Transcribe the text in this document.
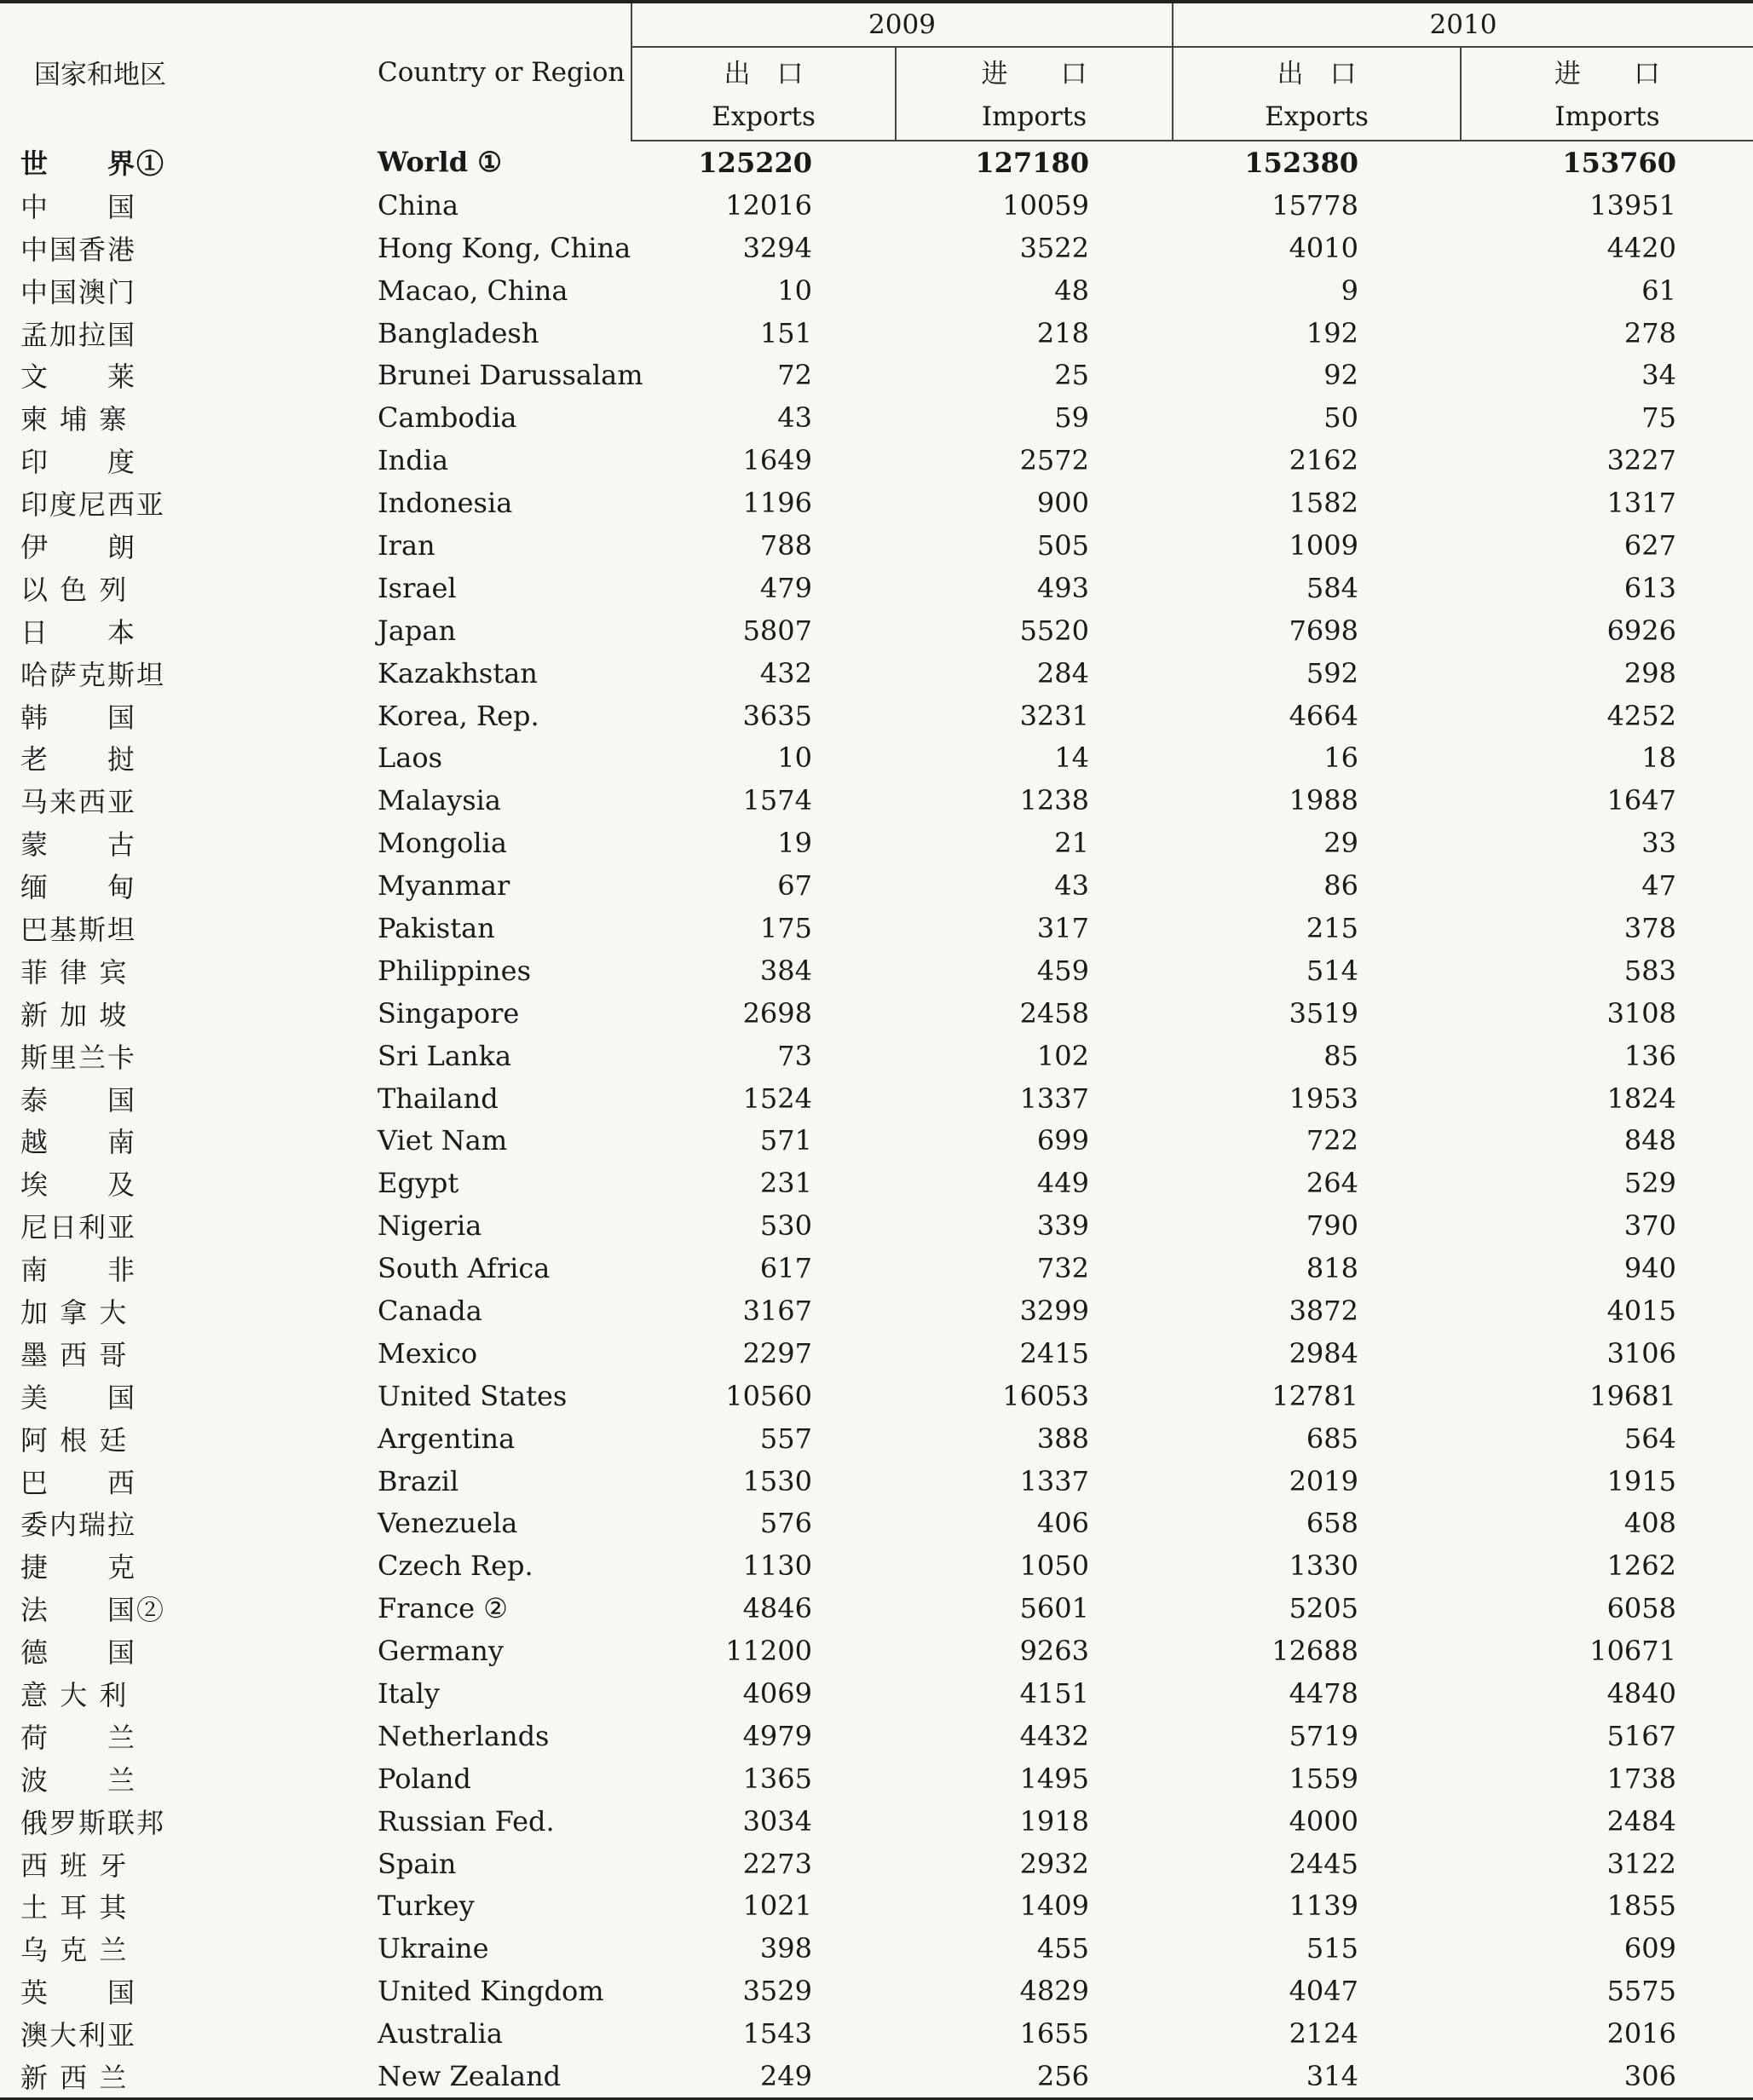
国家和地区	Country or Region	2009		2010	
		出　口	进　　口	出　口	进　　口
		Exports	Imports	Exports	Imports
世　　界①	World ①	125220	127180	152380	153760
中　　国	China	12016	10059	15778	13951
中国香港	Hong Kong, China	3294	3522	4010	4420
中国澳门	Macao, China	10	48	9	61
孟加拉国	Bangladesh	151	218	192	278
文　　莱	Brunei Darussalam	72	25	92	34
柬 埔 寨	Cambodia	43	59	50	75
印　　度	India	1649	2572	2162	3227
印度尼西亚	Indonesia	1196	900	1582	1317
伊　　朗	Iran	788	505	1009	627
以 色 列	Israel	479	493	584	613
日　　本	Japan	5807	5520	7698	6926
哈萨克斯坦	Kazakhstan	432	284	592	298
韩　　国	Korea, Rep.	3635	3231	4664	4252
老　　挝	Laos	10	14	16	18
马来西亚	Malaysia	1574	1238	1988	1647
蒙　　古	Mongolia	19	21	29	33
缅　　甸	Myanmar	67	43	86	47
巴基斯坦	Pakistan	175	317	215	378
菲 律 宾	Philippines	384	459	514	583
新 加 坡	Singapore	2698	2458	3519	3108
斯里兰卡	Sri Lanka	73	102	85	136
泰　　国	Thailand	1524	1337	1953	1824
越　　南	Viet Nam	571	699	722	848
埃　　及	Egypt	231	449	264	529
尼日利亚	Nigeria	530	339	790	370
南　　非	South Africa	617	732	818	940
加 拿 大	Canada	3167	3299	3872	4015
墨 西 哥	Mexico	2297	2415	2984	3106
美　　国	United States	10560	16053	12781	19681
阿 根 廷	Argentina	557	388	685	564
巴　　西	Brazil	1530	1337	2019	1915
委内瑞拉	Venezuela	576	406	658	408
捷　　克	Czech Rep.	1130	1050	1330	1262
法　　国②	France ②	4846	5601	5205	6058
德　　国	Germany	11200	9263	12688	10671
意 大 利	Italy	4069	4151	4478	4840
荷　　兰	Netherlands	4979	4432	5719	5167
波　　兰	Poland	1365	1495	1559	1738
俄罗斯联邦	Russian Fed.	3034	1918	4000	2484
西 班 牙	Spain	2273	2932	2445	3122
土 耳 其	Turkey	1021	1409	1139	1855
乌 克 兰	Ukraine	398	455	515	609
英　　国	United Kingdom	3529	4829	4047	5575
澳大利亚	Australia	1543	1655	2124	2016
新 西 兰	New Zealand	249	256	314	306
